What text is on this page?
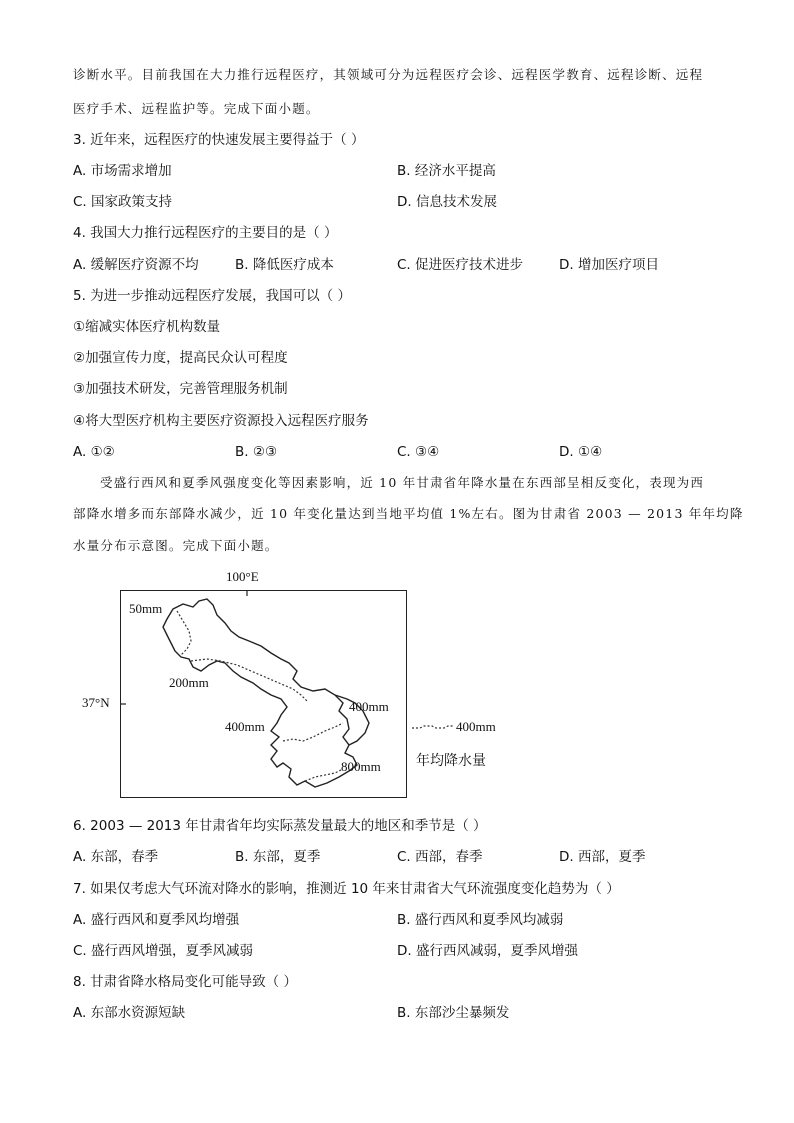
诊断水平。目前我国在大力推行远程医疗，其领域可分为远程医疗会诊、远程医学教育、远程诊断、远程
医疗手术、远程监护等。完成下面小题。
3. 近年来，远程医疗的快速发展主要得益于（ ）
A. 市场需求增加	B. 经济水平提高
C. 国家政策支持	D. 信息技术发展
4. 我国大力推行远程医疗的主要目的是（ ）
A. 缓解医疗资源不均	B. 降低医疗成本	C. 促进医疗技术进步	D. 增加医疗项目
5. 为进一步推动远程医疗发展，我国可以（ ）
①缩减实体医疗机构数量
②加强宣传力度，提高民众认可程度
③加强技术研发，完善管理服务机制
④将大型医疗机构主要医疗资源投入远程医疗服务
A. ①②	B. ②③	C. ③④	D. ①④
受盛行西风和夏季风强度变化等因素影响，近 10 年甘肃省年降水量在东西部呈相反变化，表现为西
部降水增多而东部降水减少，近 10 年变化量达到当地平均值 1%左右。图为甘肃省 2003 — 2013 年年均降
水量分布示意图。完成下面小题。
100°E
37°N
50mm
200mm
400mm
400mm
800mm
400mm
年均降水量
6. 2003 — 2013 年甘肃省年均实际蒸发量最大的地区和季节是（ ）
A. 东部，春季	B. 东部，夏季	C. 西部，春季	D. 西部，夏季
7. 如果仅考虑大气环流对降水的影响，推测近 10 年来甘肃省大气环流强度变化趋势为（ ）
A. 盛行西风和夏季风均增强	B. 盛行西风和夏季风均减弱
C. 盛行西风增强，夏季风减弱	D. 盛行西风减弱，夏季风增强
8. 甘肃省降水格局变化可能导致（ ）
A. 东部水资源短缺	B. 东部沙尘暴频发
